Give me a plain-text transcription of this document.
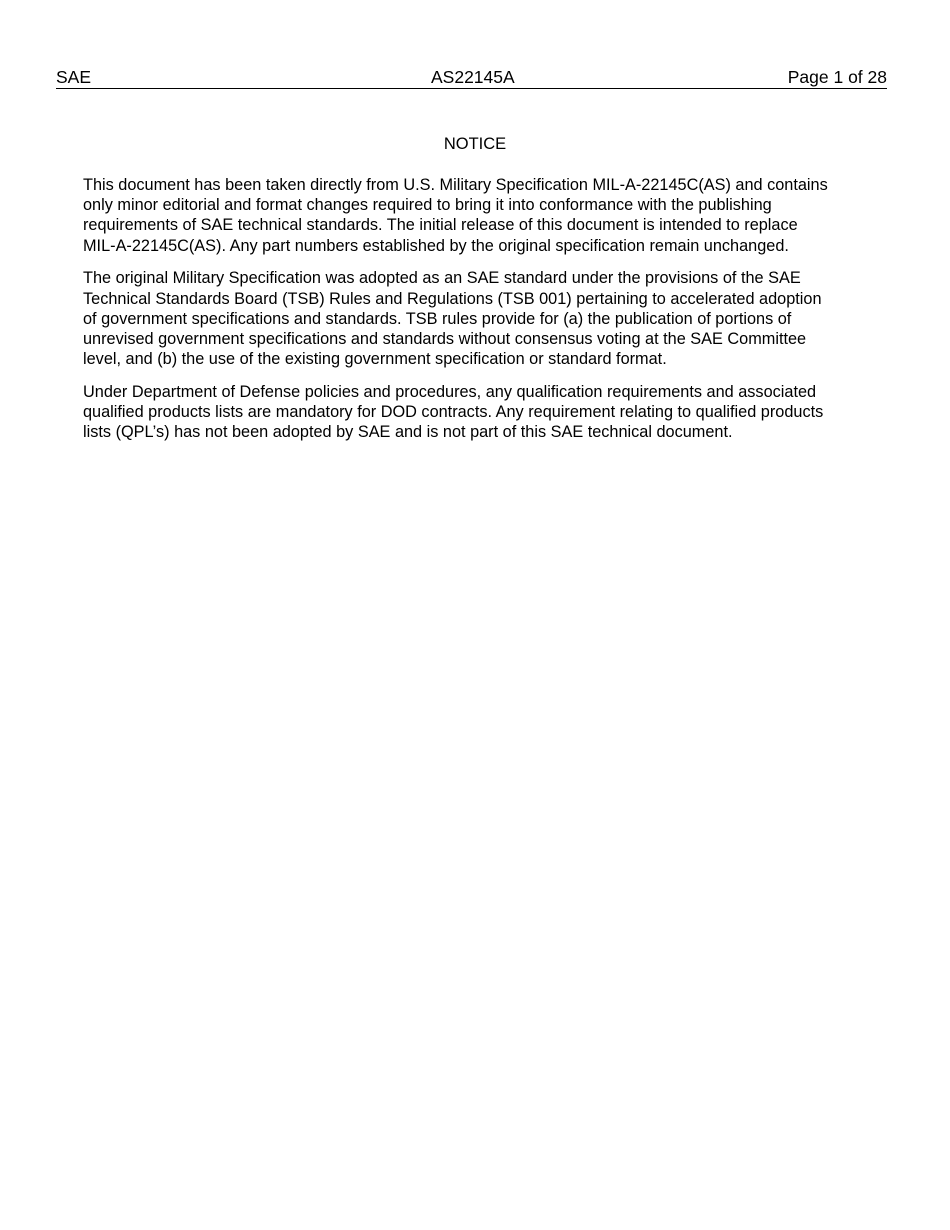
SAE	AS22145A	Page 1 of 28
NOTICE

This document has been taken directly from U.S. Military Specification MIL-A-22145C(AS) and contains
only minor editorial and format changes required to bring it into conformance with the publishing
requirements of SAE technical standards. The initial release of this document is intended to replace
MIL-A-22145C(AS). Any part numbers established by the original specification remain unchanged.

The original Military Specification was adopted as an SAE standard under the provisions of the SAE
Technical Standards Board (TSB) Rules and Regulations (TSB 001) pertaining to accelerated adoption
of government specifications and standards. TSB rules provide for (a) the publication of portions of
unrevised government specifications and standards without consensus voting at the SAE Committee
level, and (b) the use of the existing government specification or standard format.

Under Department of Defense policies and procedures, any qualification requirements and associated
qualified products lists are mandatory for DOD contracts. Any requirement relating to qualified products
lists (QPL’s) has not been adopted by SAE and is not part of this SAE technical document.
